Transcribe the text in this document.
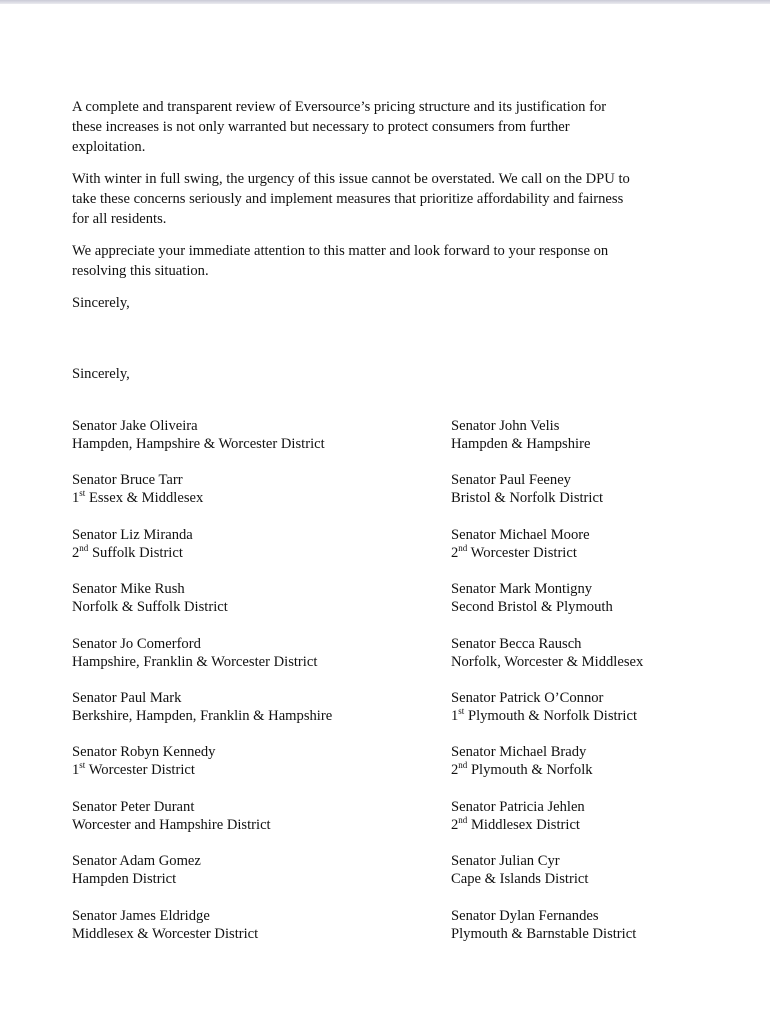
A complete and transparent review of Eversource’s pricing structure and its justification for
these increases is not only warranted but necessary to protect consumers from further
exploitation.

With winter in full swing, the urgency of this issue cannot be overstated. We call on the DPU to
take these concerns seriously and implement measures that prioritize affordability and fairness
for all residents.

We appreciate your immediate attention to this matter and look forward to your response on
resolving this situation.

Sincerely,

Sincerely,

Senator Jake Oliveira
Hampden, Hampshire & Worcester District
Senator Bruce Tarr
1st Essex & Middlesex
Senator Liz Miranda
2nd Suffolk District
Senator Mike Rush
Norfolk & Suffolk District
Senator Jo Comerford
Hampshire, Franklin & Worcester District
Senator Paul Mark
Berkshire, Hampden, Franklin & Hampshire
Senator Robyn Kennedy
1st Worcester District
Senator Peter Durant
Worcester and Hampshire District
Senator Adam Gomez
Hampden District
Senator James Eldridge
Middlesex & Worcester District
Senator John Velis
Hampden & Hampshire
Senator Paul Feeney
Bristol & Norfolk District
Senator Michael Moore
2nd Worcester District
Senator Mark Montigny
Second Bristol & Plymouth
Senator Becca Rausch
Norfolk, Worcester & Middlesex
Senator Patrick O’Connor
1st Plymouth & Norfolk District
Senator Michael Brady
2nd Plymouth & Norfolk
Senator Patricia Jehlen
2nd Middlesex District
Senator Julian Cyr
Cape & Islands District
Senator Dylan Fernandes
Plymouth & Barnstable District
